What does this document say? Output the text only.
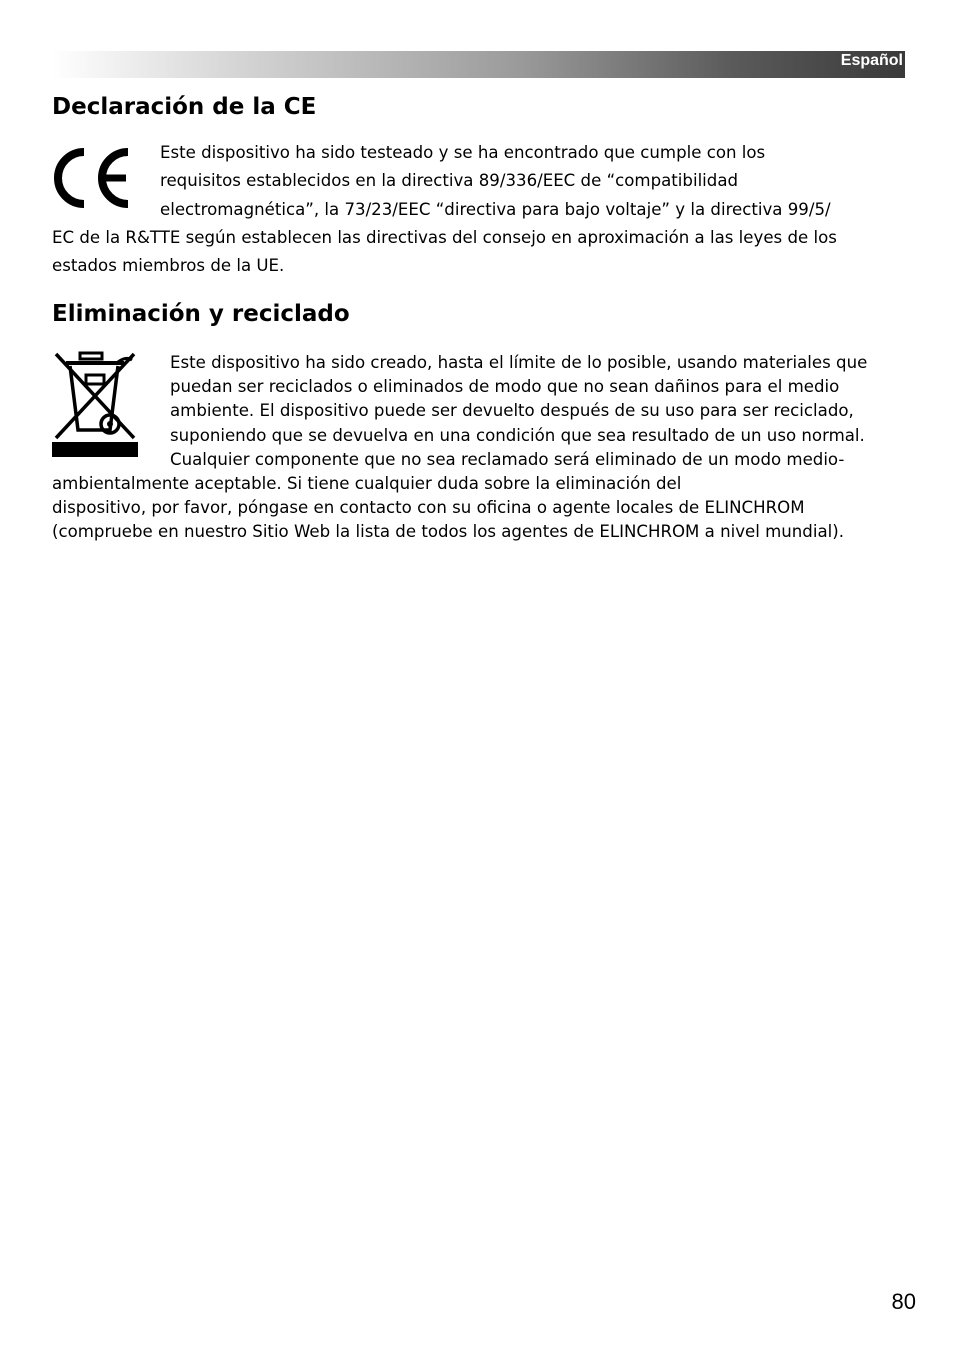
Español
Declaración de la CE

Este dispositivo ha sido testeado y se ha encontrado que cumple con los
requisitos establecidos en la directiva 89/336/EEC de “compatibilidad
electromagnética”, la 73/23/EEC “directiva para bajo voltaje” y la directiva 99/5/
EC de la R&TTE según establecen las directivas del consejo en aproximación a las leyes de los
estados miembros de la UE.

Eliminación y reciclado

Este dispositivo ha sido creado, hasta el límite de lo posible, usando materiales que
puedan ser reciclados o eliminados de modo que no sean dañinos para el medio
ambiente. El dispositivo puede ser devuelto después de su uso para ser reciclado,
suponiendo que se devuelva en una condición que sea resultado de un uso normal.
Cualquier componente que no sea reclamado será eliminado de un modo medio-
ambientalmente aceptable. Si tiene cualquier duda sobre la eliminación del
dispositivo, por favor, póngase en contacto con su oficina o agente locales de ELINCHROM
(compruebe en nuestro Sitio Web la lista de todos los agentes de ELINCHROM a nivel mundial).

80
